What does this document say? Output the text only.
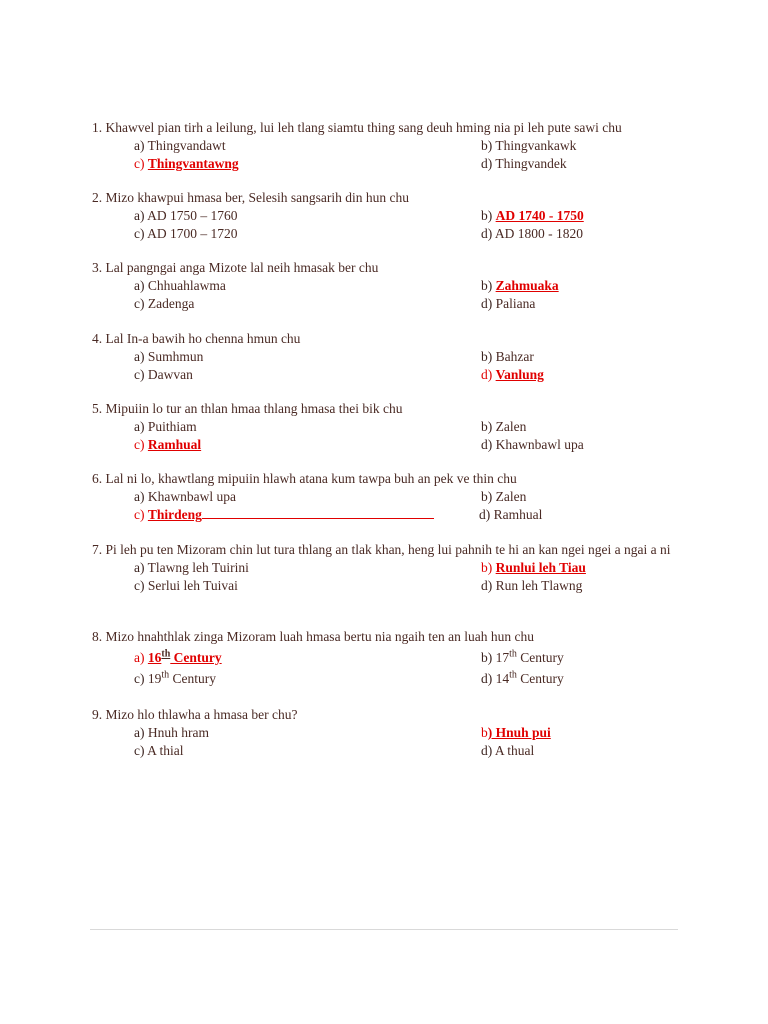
1. Khawvel pian tirh a leilung, lui leh tlang siamtu thing sang deuh hming nia pi leh pute sawi chu
a) Thingvandawt	b) Thingvankawk
c) Thingvantawng	d) Thingvandek
2. Mizo khawpui hmasa ber, Selesih sangsarih din hun chu
a) AD 1750 – 1760	b) AD 1740 - 1750
c) AD 1700 – 1720	d) AD 1800 - 1820
3. Lal pangngai anga Mizote lal neih hmasak ber chu
a) Chhuahlawma	b) Zahmuaka
c) Zadenga	d) Paliana
4. Lal In-a bawih ho chenna hmun chu
a) Sumhmun	b) Bahzar
c) Dawvan	d) Vanlung
5. Mipuiin lo tur an thlan hmaa thlang hmasa thei bik chu
a) Puithiam	b) Zalen
c) Ramhual	d) Khawnbawl upa
6. Lal ni lo, khawtlang mipuiin hlawh atana kum tawpa buh an pek ve thin chu
a) Khawnbawl upa	b) Zalen
c) Thirdeng	d) Ramhual
7. Pi leh pu ten Mizoram chin lut tura thlang an tlak khan, heng lui pahnih te hi an kan ngei ngei a ngai a ni
a) Tlawng leh Tuirini	b) Runlui leh Tiau
c) Serlui leh Tuivai	d) Run leh Tlawng
8. Mizo hnahthlak zinga Mizoram luah hmasa bertu nia ngaih ten an luah hun chu
a) 16th Century	b) 17th Century
c) 19th Century	d) 14th Century
9. Mizo hlo thlawha a hmasa ber chu?
a) Hnuh hram	b) Hnuh pui
c) A thial	d) A thual
